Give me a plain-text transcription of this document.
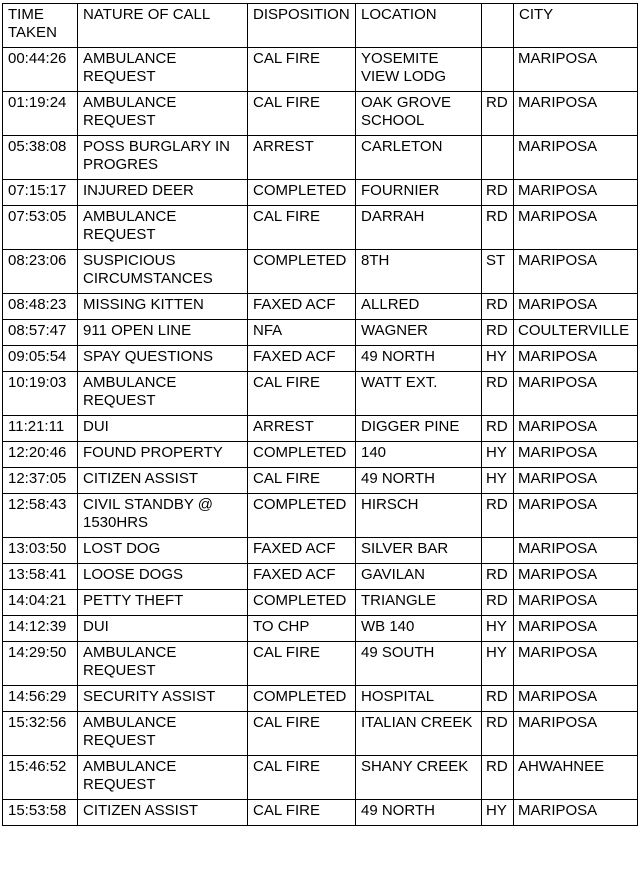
TIME TAKEN	NATURE OF CALL	DISPOSITION	LOCATION		CITY
00:44:26	AMBULANCE REQUEST	CAL FIRE	YOSEMITE VIEW LODG		MARIPOSA
01:19:24	AMBULANCE REQUEST	CAL FIRE	OAK GROVE SCHOOL	RD	MARIPOSA
05:38:08	POSS BURGLARY IN PROGRES	ARREST	CARLETON		MARIPOSA
07:15:17	INJURED DEER	COMPLETED	FOURNIER	RD	MARIPOSA
07:53:05	AMBULANCE REQUEST	CAL FIRE	DARRAH	RD	MARIPOSA
08:23:06	SUSPICIOUS CIRCUMSTANCES	COMPLETED	8TH	ST	MARIPOSA
08:48:23	MISSING KITTEN	FAXED ACF	ALLRED	RD	MARIPOSA
08:57:47	911 OPEN LINE	NFA	WAGNER	RD	COULTERVILLE
09:05:54	SPAY QUESTIONS	FAXED ACF	49 NORTH	HY	MARIPOSA
10:19:03	AMBULANCE REQUEST	CAL FIRE	WATT EXT.	RD	MARIPOSA
11:21:11	DUI	ARREST	DIGGER PINE	RD	MARIPOSA
12:20:46	FOUND PROPERTY	COMPLETED	140	HY	MARIPOSA
12:37:05	CITIZEN ASSIST	CAL FIRE	49 NORTH	HY	MARIPOSA
12:58:43	CIVIL STANDBY @ 1530HRS	COMPLETED	HIRSCH	RD	MARIPOSA
13:03:50	LOST DOG	FAXED ACF	SILVER BAR		MARIPOSA
13:58:41	LOOSE DOGS	FAXED ACF	GAVILAN	RD	MARIPOSA
14:04:21	PETTY THEFT	COMPLETED	TRIANGLE	RD	MARIPOSA
14:12:39	DUI	TO CHP	WB 140	HY	MARIPOSA
14:29:50	AMBULANCE REQUEST	CAL FIRE	49 SOUTH	HY	MARIPOSA
14:56:29	SECURITY ASSIST	COMPLETED	HOSPITAL	RD	MARIPOSA
15:32:56	AMBULANCE REQUEST	CAL FIRE	ITALIAN CREEK	RD	MARIPOSA
15:46:52	AMBULANCE REQUEST	CAL FIRE	SHANY CREEK	RD	AHWAHNEE
15:53:58	CITIZEN ASSIST	CAL FIRE	49 NORTH	HY	MARIPOSA
